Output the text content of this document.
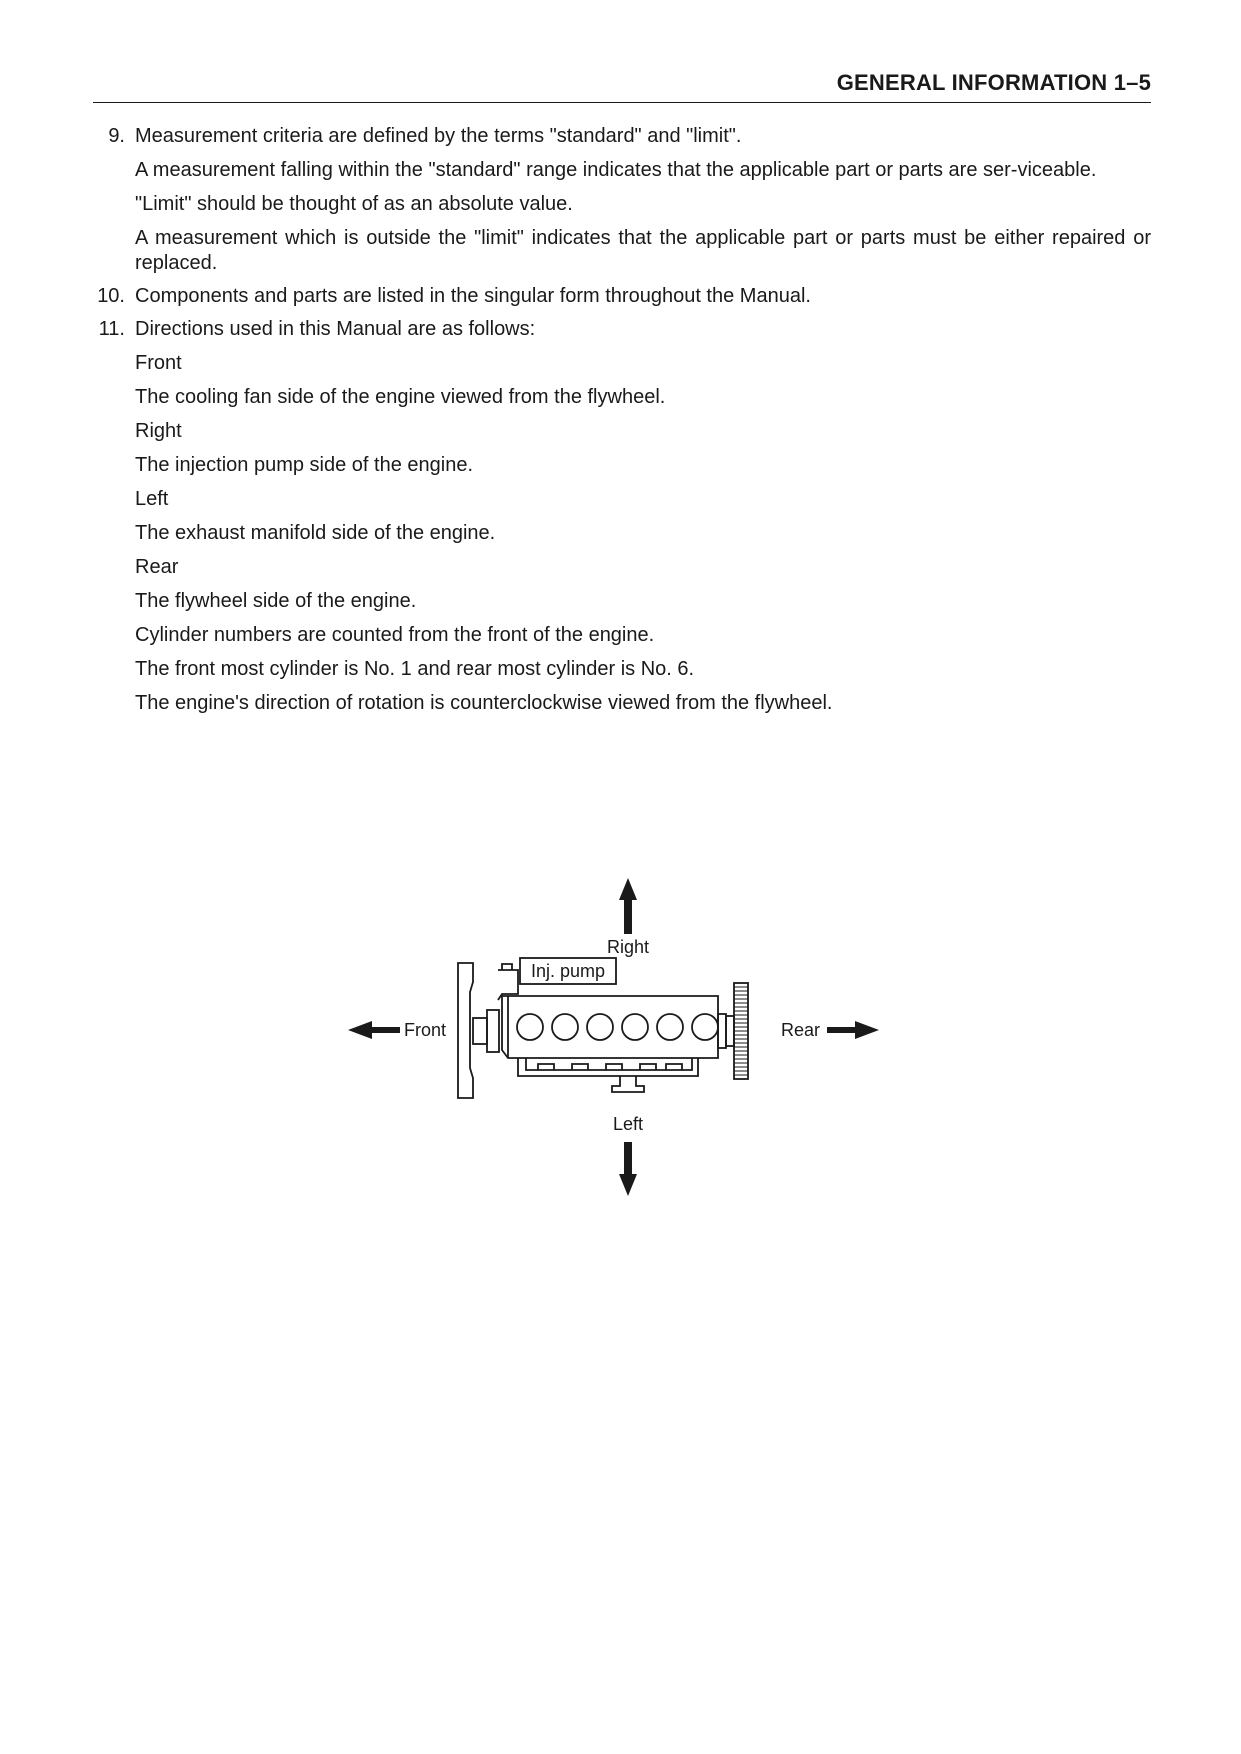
GENERAL INFORMATION 1–5
9. Measurement criteria are defined by the terms "standard" and "limit".
A measurement falling within the "standard" range indicates that the applicable part or parts are ser-viceable.
"Limit" should be thought of as an absolute value.
A measurement which is outside the "limit" indicates that the applicable part or parts must be either repaired or replaced.
10. Components and parts are listed in the singular form throughout the Manual.
11. Directions used in this Manual are as follows:
Front
The cooling fan side of the engine viewed from the flywheel.
Right
The injection pump side of the engine.
Left
The exhaust manifold side of the engine.
Rear
The flywheel side of the engine.
Cylinder numbers are counted from the front of the engine.
The front most cylinder is No. 1 and rear most cylinder is No. 6.
The engine's direction of rotation is counterclockwise viewed from the flywheel.
Right
Left
Front	Rear
Inj. pump
